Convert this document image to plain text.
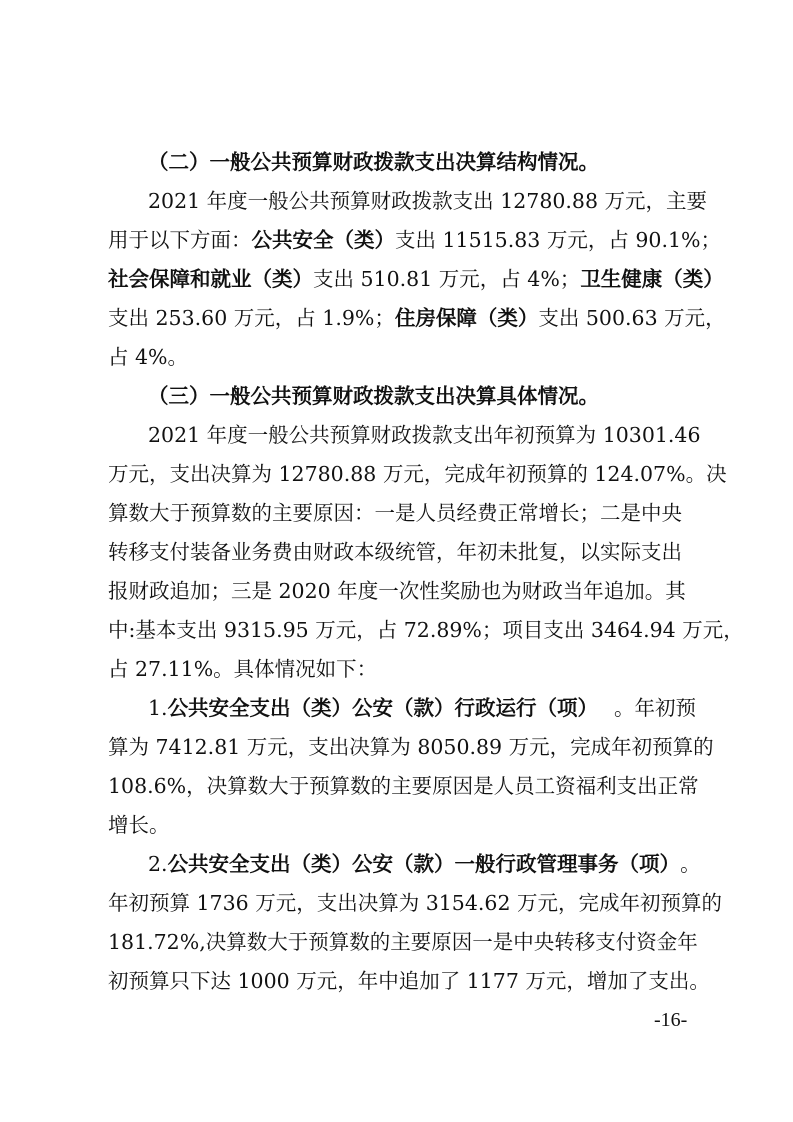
（二）一般公共预算财政拨款支出决算结构情况。
2021 年度一般公共预算财政拨款支出 12780.88 万元，主要
用于以下方面： 公共安全（类） 支出 11515.83 万元，占 90.1%；
社会保障和就业（类） 支出 510.81 万元，占 4%； 卫生健康（类）
支出 253.60 万元，占 1.9%； 住房保障（类） 支出 500.63 万元，
占 4%。
（三）一般公共预算财政拨款支出决算具体情况。
2021 年度一般公共预算财政拨款支出年初预算为 10301.46
万元，支出决算为 12780.88 万元，完成年初预算的 124.07%。决
算数大于预算数的主要原因：一是人员经费正常增长；二是中央
转移支付装备业务费由财政本级统管，年初未批复，以实际支出
报财政追加；三是 2020 年度一次性奖励也为财政当年追加。其
中:基本支出 9315.95 万元，占 72.89%；项目支出 3464.94 万元，
占 27.11%。具体情况如下：
1.公共安全支出（类）公安（款）行政运行（项） 。年初预
算为 7412.81 万元，支出决算为 8050.89 万元，完成年初预算的
108.6%，决算数大于预算数的主要原因是人员工资福利支出正常
增长。
2.公共安全支出（类）公安（款）一般行政管理事务（项） 。
年初预算 1736 万元，支出决算为 3154.62 万元，完成年初预算的
181.72%,决算数大于预算数的主要原因一是中央转移支付资金年
初预算只下达 1000 万元，年中追加了 1177 万元，增加了支出。
-16-
